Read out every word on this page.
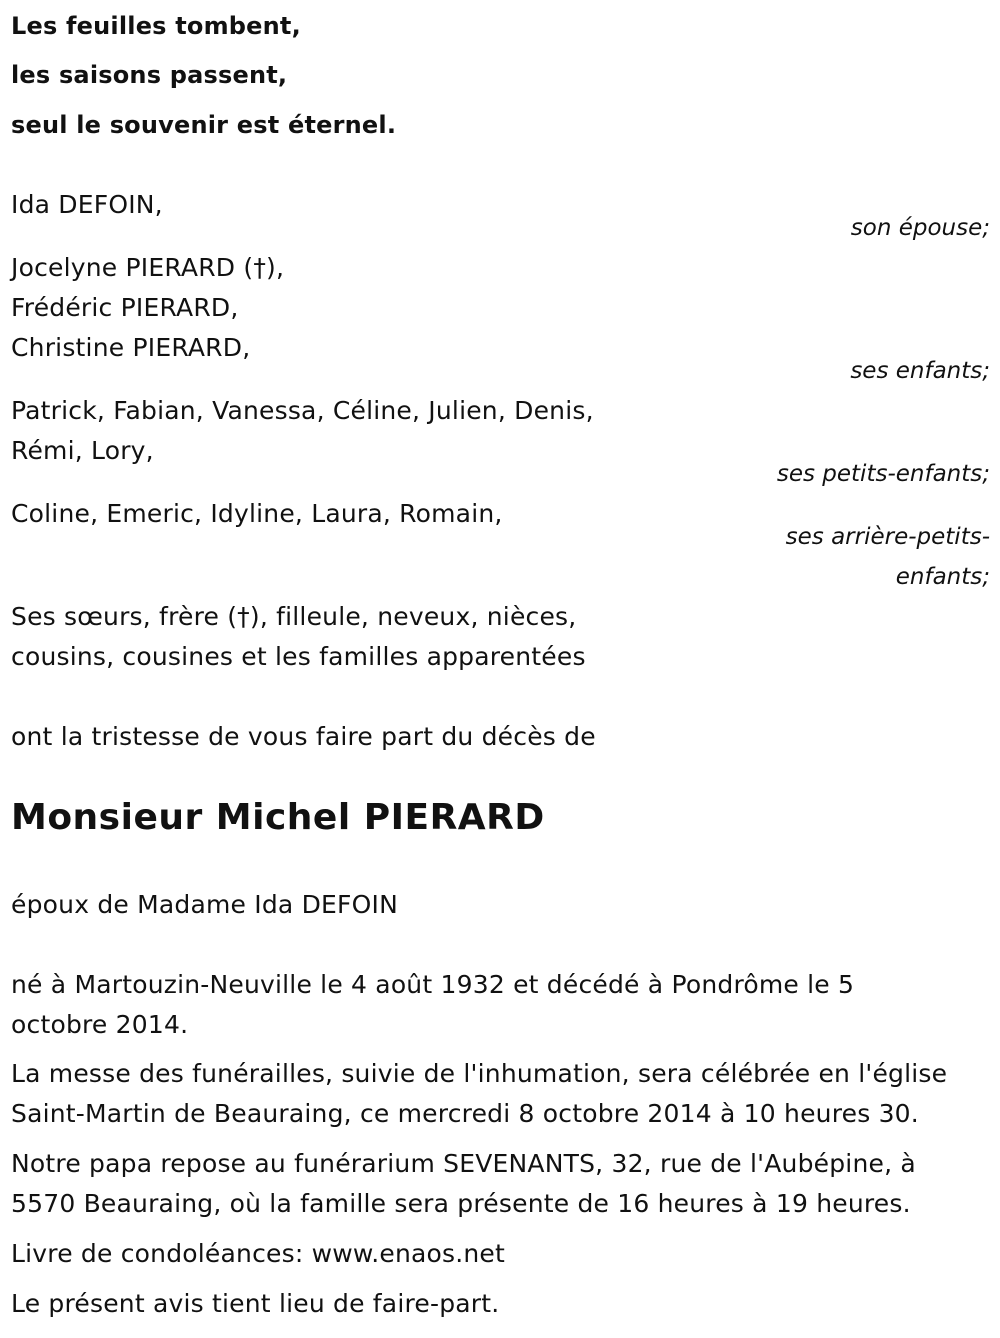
Les feuilles tombent,
les saisons passent,
seul le souvenir est éternel.
Ida DEFOIN,
son épouse;
Jocelyne PIERARD (†),
Frédéric PIERARD,
Christine PIERARD,
ses enfants;
Patrick, Fabian, Vanessa, Céline, Julien, Denis,
Rémi, Lory,
ses petits-enfants;
Coline, Emeric, Idyline, Laura, Romain,
ses arrière-petits-
enfants;
Ses sœurs, frère (†), filleule, neveux, nièces,
cousins, cousines et les familles apparentées
ont la tristesse de vous faire part du décès de
Monsieur Michel PIERARD
époux de Madame Ida DEFOIN
né à Martouzin-Neuville le 4 août 1932 et décédé à Pondrôme le 5
octobre 2014.
La messe des funérailles, suivie de l'inhumation, sera célébrée en l'église
Saint-Martin de Beauraing, ce mercredi 8 octobre 2014 à 10 heures 30.
Notre papa repose au funérarium SEVENANTS, 32, rue de l'Aubépine, à
5570 Beauraing, où la famille sera présente de 16 heures à 19 heures.
Livre de condoléances: www.enaos.net
Le présent avis tient lieu de faire-part.
